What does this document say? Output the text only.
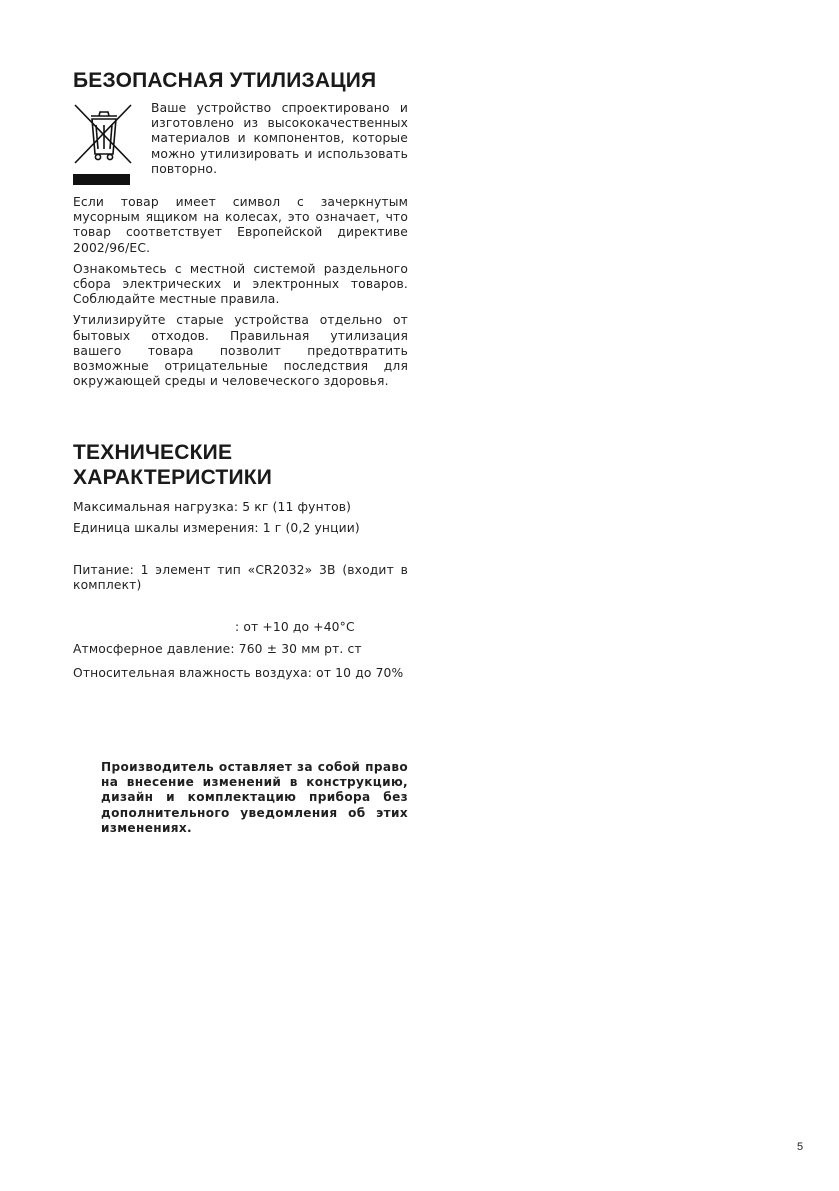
БЕЗОПАСНАЯ УТИЛИЗАЦИЯ

Ваше устройство спроектировано и изготовлено из высококачественных материалов и компонентов, которые можно утилизировать и использовать повторно.

Если товар имеет символ с зачеркнутым мусорным ящиком на колесах, это означает, что товар соответствует Европейской директиве 2002/96/EC.

Ознакомьтесь с местной системой раздельного сбора электрических и электронных товаров. Соблюдайте местные правила.

Утилизируйте старые устройства отдельно от бытовых отходов. Правильная утилизация вашего товара позволит предотвратить возможные отрицательные последствия для окружающей среды и человеческого здоровья.

ТЕХНИЧЕСКИЕ
ХАРАКТЕРИСТИКИ

Максимальная нагрузка: 5 кг (11 фунтов)

Единица шкалы измерения: 1 г (0,2 унции)

Питание: 1 элемент тип «CR2032» 3В (входит в комплект)

: от +10 до +40°С

Атмосферное давление: 760 ± 30 мм рт. ст

Относительная влажность воздуха: от 10 до 70%

Производитель оставляет за собой право на внесение изменений в конструкцию, дизайн и комплектацию прибора без дополнительного уведомления об этих изменениях.

5
